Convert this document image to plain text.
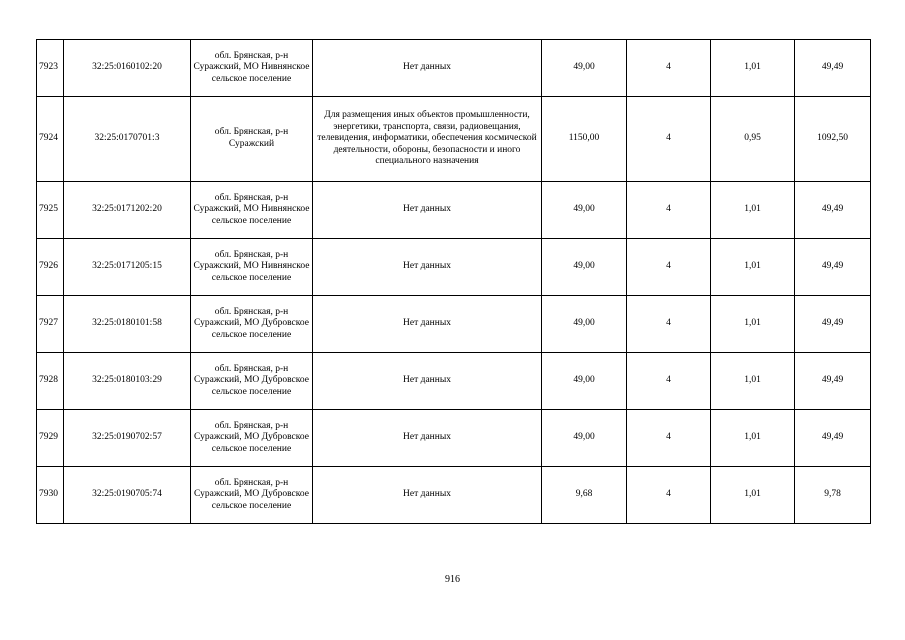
7923	32:25:0160102:20	обл. Брянская, р-н Суражский, МО Нивнянское сельское поселение	Нет данных	49,00	4	1,01	49,49
7924	32:25:0170701:3	обл. Брянская, р-н Суражский	Для размещения иных объектов промышленности, энергетики, транспорта, связи, радиовещания, телевидения, информатики, обеспечения космической деятельности, обороны, безопасности и иного специального назначения	1150,00	4	0,95	1092,50
7925	32:25:0171202:20	обл. Брянская, р-н Суражский, МО Нивнянское сельское поселение	Нет данных	49,00	4	1,01	49,49
7926	32:25:0171205:15	обл. Брянская, р-н Суражский, МО Нивнянское сельское поселение	Нет данных	49,00	4	1,01	49,49
7927	32:25:0180101:58	обл. Брянская, р-н Суражский, МО Дубровское сельское поселение	Нет данных	49,00	4	1,01	49,49
7928	32:25:0180103:29	обл. Брянская, р-н Суражский, МО Дубровское сельское поселение	Нет данных	49,00	4	1,01	49,49
7929	32:25:0190702:57	обл. Брянская, р-н Суражский, МО Дубровское сельское поселение	Нет данных	49,00	4	1,01	49,49
7930	32:25:0190705:74	обл. Брянская, р-н Суражский, МО Дубровское сельское поселение	Нет данных	9,68	4	1,01	9,78
916
